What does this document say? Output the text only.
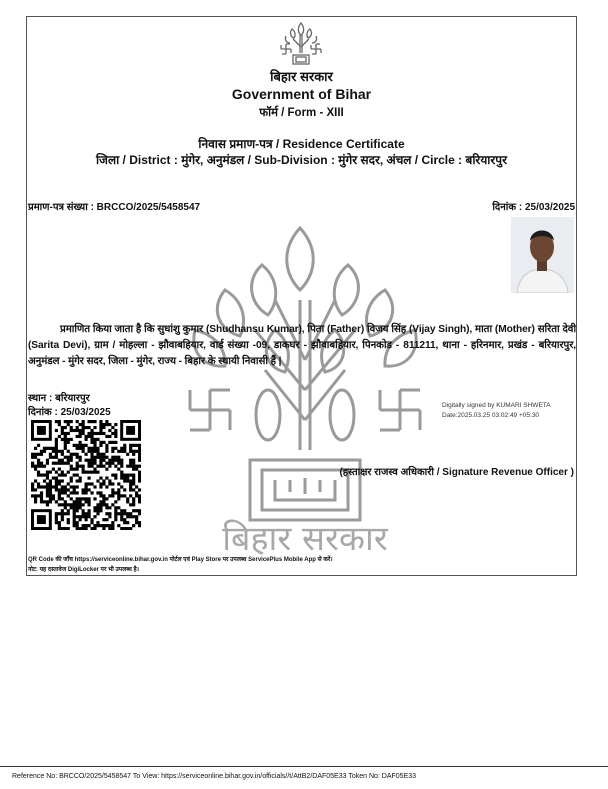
बिहार सरकार
बिहार सरकार
Government of Bihar
फॉर्म / Form - XIII
निवास प्रमाण-पत्र / Residence Certificate
जिला / District : मुंगेर, अनुमंडल / Sub-Division : मुंगेर सदर, अंचल / Circle : बरियारपुर
प्रमाण-पत्र संख्या : BRCCO/2025/5458547	दिनांक : 25/03/2025
प्रमाणित किया जाता है कि सुधांशु कुमार (Shudhansu Kumar), पिता (Father) विजय सिंह (Vijay Singh), माता (Mother) सरिता देवी (Sarita Devi), ग्राम / मोहल्ला - झौवाबहियार, वार्ड संख्या -09, डाकघर - झौवाबहियार, पिनकोड - 811211, थाना - हरिनमार, प्रखंड - बरियारपुर, अनुमंडल - मुंगेर सदर, जिला - मुंगेर, राज्य - बिहार के स्थायी निवासी हैं |
स्थान : बरियारपुर
दिनांक : 25/03/2025
Digitally signed by KUMARI SHWETA
Date:2025.03.25 03:02:49 +05:30
(हस्ताक्षर राजस्व अधिकारी / Signature Revenue Officer )
QR Code की जाँच https://serviceonline.bihar.gov.in पोर्टल एवं Play Store पर उपलब्ध ServicePlus Mobile App से करें।
नोट: यह दस्तावेज DigiLocker पर भी उपलब्ध है।
Reference No: BRCCO/2025/5458547 To View: https://serviceonline.bihar.gov.in/officials//t/AttB2/DAF05E33 Token No: DAF05E33
